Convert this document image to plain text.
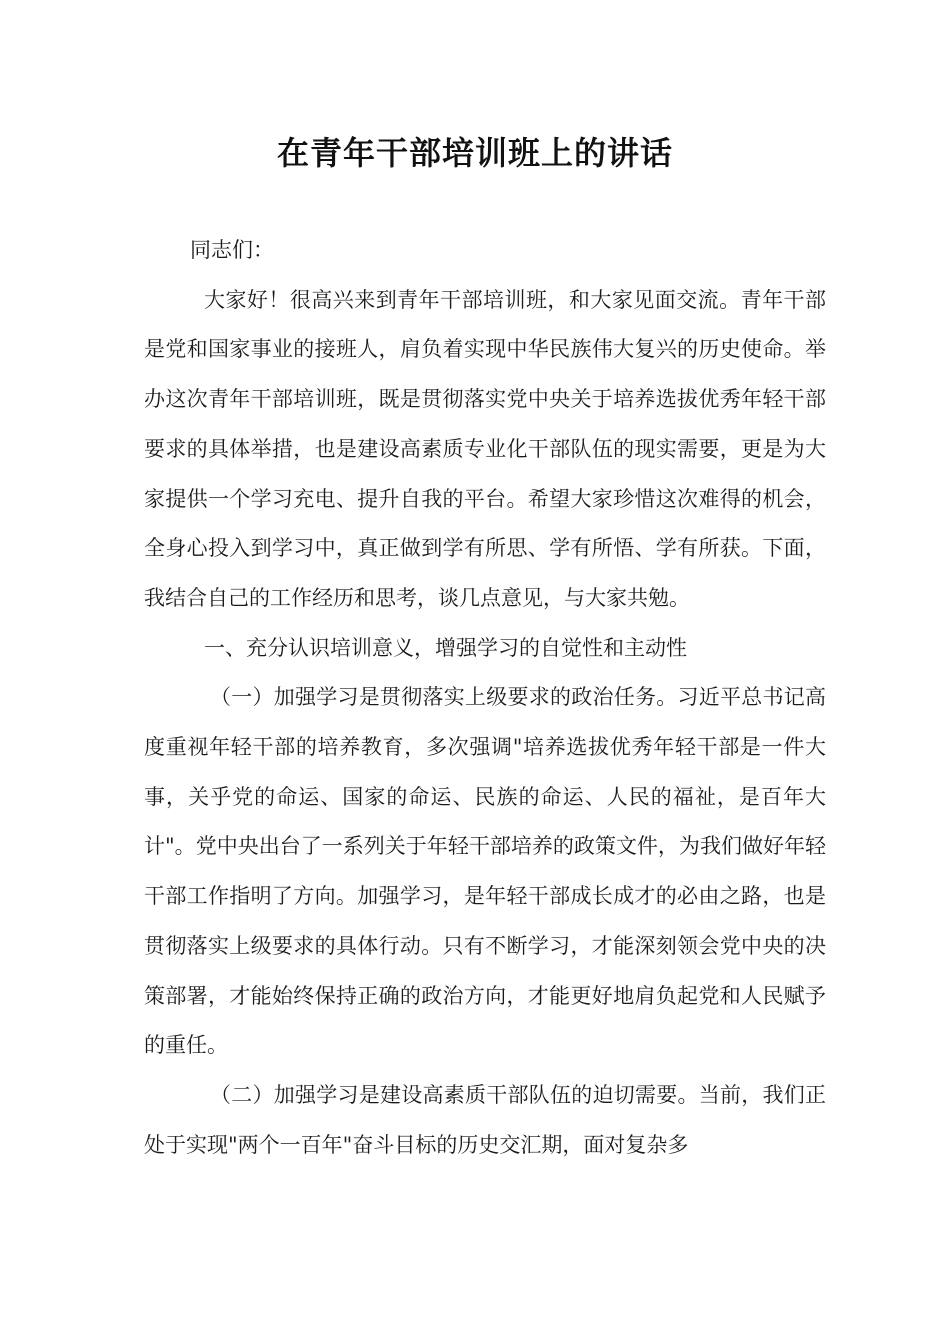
在青年干部培训班上的讲话

同志们：

大家好！很高兴来到青年干部培训班，和大家见面交流。青年干部是党和国家事业的接班人，肩负着实现中华民族伟大复兴的历史使命。举办这次青年干部培训班，既是贯彻落实党中央关于培养选拔优秀年轻干部要求的具体举措，也是建设高素质专业化干部队伍的现实需要，更是为大家提供一个学习充电、提升自我的平台。希望大家珍惜这次难得的机会，全身心投入到学习中，真正做到学有所思、学有所悟、学有所获。下面，我结合自己的工作经历和思考，谈几点意见，与大家共勉。

一、充分认识培训意义，增强学习的自觉性和主动性

（一）加强学习是贯彻落实上级要求的政治任务。习近平总书记高度重视年轻干部的培养教育，多次强调"培养选拔优秀年轻干部是一件大事，关乎党的命运、国家的命运、民族的命运、人民的福祉，是百年大计"。党中央出台了一系列关于年轻干部培养的政策文件，为我们做好年轻干部工作指明了方向。加强学习，是年轻干部成长成才的必由之路，也是贯彻落实上级要求的具体行动。只有不断学习，才能深刻领会党中央的决策部署，才能始终保持正确的政治方向，才能更好地肩负起党和人民赋予的重任。

（二）加强学习是建设高素质干部队伍的迫切需要。当前，我们正处于实现"两个一百年"奋斗目标的历史交汇期，面对复杂多
